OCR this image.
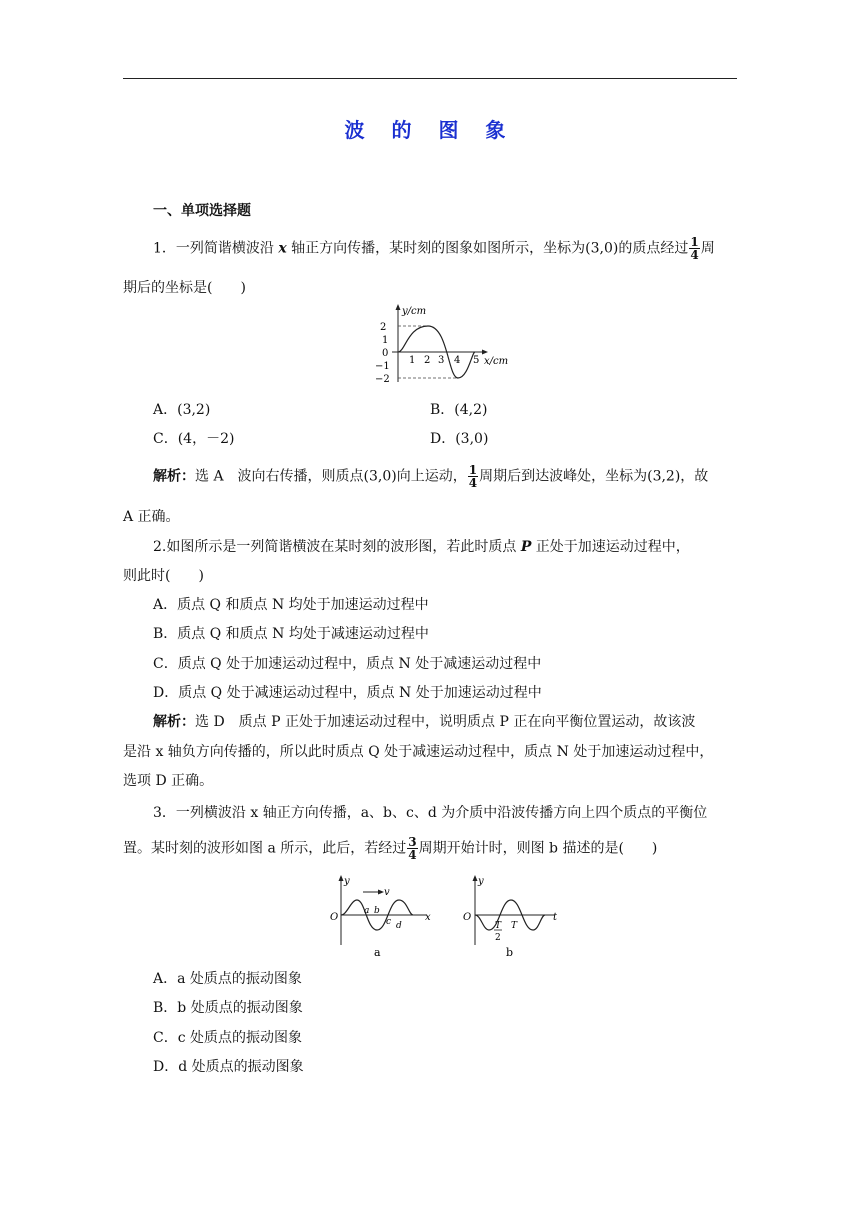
波 的 图 象
一、单项选择题
1．一列简谐横波沿 x 轴正方向传播，某时刻的图象如图所示，坐标为(3,0)的质点经过 $\frac{1}{4}$ 周
期后的坐标是(　　)
y/cm
x/cm
2
1
0
−1
−2
1 2 3 4 5
A．(3,2)	B．(4,2)
C．(4，－2)	D．(3,0)
解析：选 A　波向右传播，则质点(3,0)向上运动， $\frac{1}{4}$ 周期后到达波峰处，坐标为(3,2)，故
A 正确。
2.如图所示是一列简谐横波在某时刻的波形图，若此时质点 P 正处于加速运动过程中，
则此时(　　)
A．质点 Q 和质点 N 均处于加速运动过程中
B．质点 Q 和质点 N 均处于减速运动过程中
C．质点 Q 处于加速运动过程中，质点 N 处于减速运动过程中
D．质点 Q 处于减速运动过程中，质点 N 处于加速运动过程中
解析：选 D　质点 P 正处于加速运动过程中，说明质点 P 正在向平衡位置运动，故该波
是沿 x 轴负方向传播的，所以此时质点 Q 处于减速运动过程中，质点 N 处于加速运动过程中，
选项 D 正确。
3．一列横波沿 x 轴正方向传播，a、b、c、d 为介质中沿波传播方向上四个质点的平衡位
置。某时刻的波形如图 a 所示，此后，若经过 $\frac{3}{4}$ 周期开始计时，则图 b 描述的是(　　)
y
O
v
a b
c d
x
a
y
O
T
2
T
t
b
A．a 处质点的振动图象
B．b 处质点的振动图象
C．c 处质点的振动图象
D．d 处质点的振动图象
